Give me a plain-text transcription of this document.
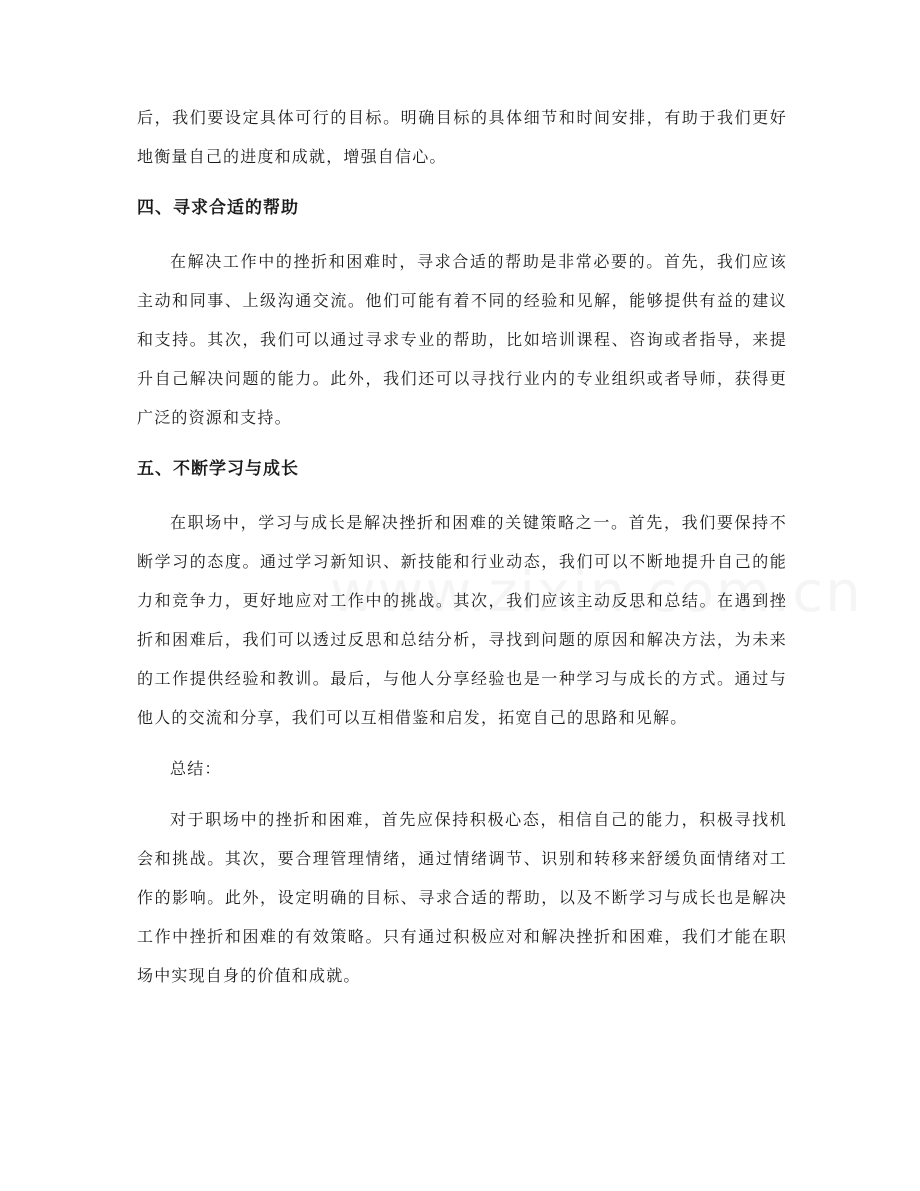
后，我们要设定具体可行的目标。明确目标的具体细节和时间安排，有助于我们更好地衡量自己的进度和成就，增强自信心。

四、寻求合适的帮助

在解决工作中的挫折和困难时，寻求合适的帮助是非常必要的。首先，我们应该主动和同事、上级沟通交流。他们可能有着不同的经验和见解，能够提供有益的建议和支持。其次，我们可以通过寻求专业的帮助，比如培训课程、咨询或者指导，来提升自己解决问题的能力。此外，我们还可以寻找行业内的专业组织或者导师，获得更广泛的资源和支持。

五、不断学习与成长

在职场中，学习与成长是解决挫折和困难的关键策略之一。首先，我们要保持不断学习的态度。通过学习新知识、新技能和行业动态，我们可以不断地提升自己的能力和竞争力，更好地应对工作中的挑战。其次，我们应该主动反思和总结。在遇到挫折和困难后，我们可以透过反思和总结分析，寻找到问题的原因和解决方法，为未来的工作提供经验和教训。最后，与他人分享经验也是一种学习与成长的方式。通过与他人的交流和分享，我们可以互相借鉴和启发，拓宽自己的思路和见解。

总结：

对于职场中的挫折和困难，首先应保持积极心态，相信自己的能力，积极寻找机会和挑战。其次，要合理管理情绪，通过情绪调节、识别和转移来舒缓负面情绪对工作的影响。此外，设定明确的目标、寻求合适的帮助，以及不断学习与成长也是解决工作中挫折和困难的有效策略。只有通过积极应对和解决挫折和困难，我们才能在职场中实现自身的价值和成就。
